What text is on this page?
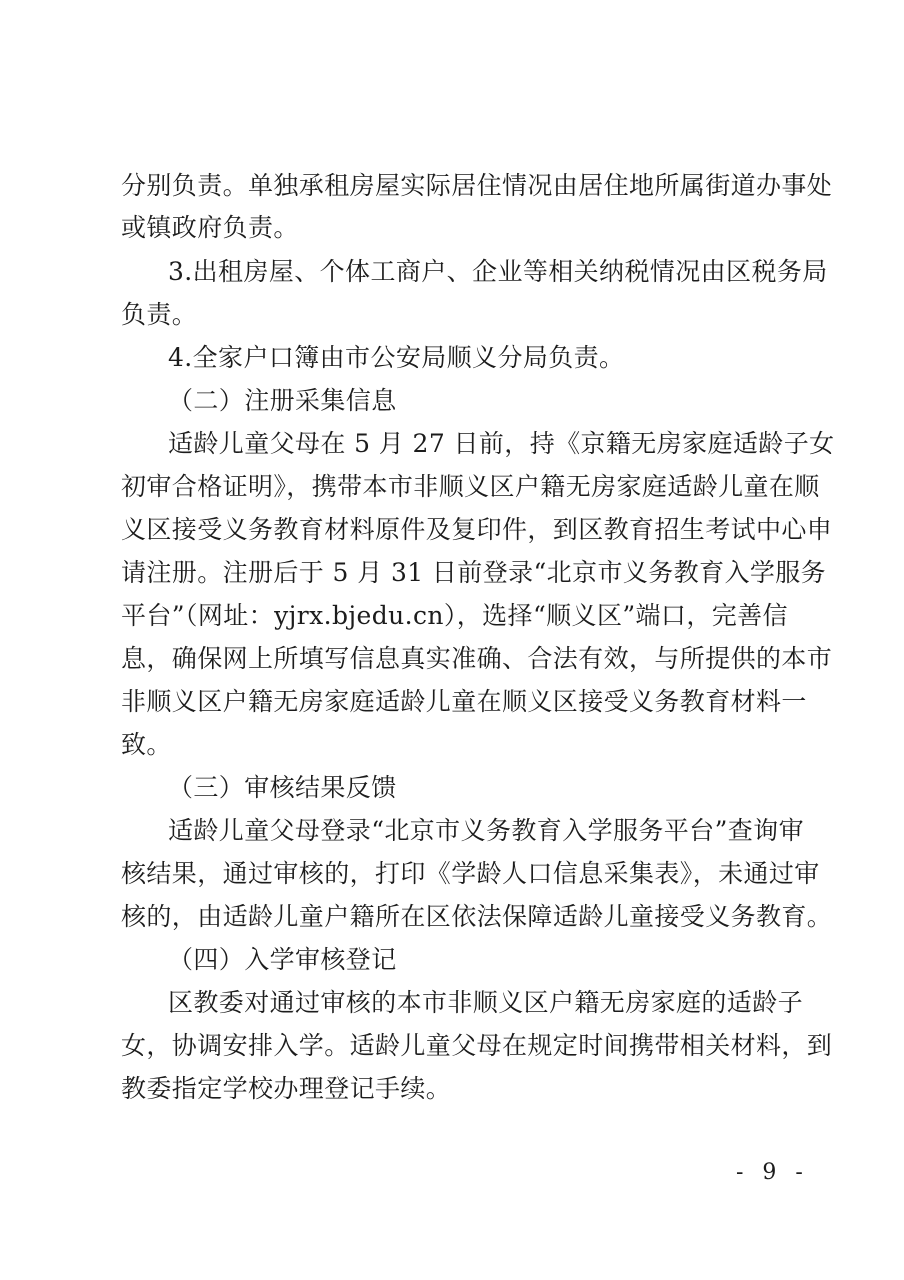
分别负责。单独承租房屋实际居住情况由居住地所属街道办事处
或镇政府负责。
3.出租房屋、个体工商户、企业等相关纳税情况由区税务局
负责。
4.全家户口簿由市公安局顺义分局负责。
（二）注册采集信息
适龄儿童父母在 5 月 27 日前，持《京籍无房家庭适龄子女
初审合格证明》，携带本市非顺义区户籍无房家庭适龄儿童在顺
义区接受义务教育材料原件及复印件，到区教育招生考试中心申
请注册。注册后于 5 月 31 日前登录“北京市义务教育入学服务
平台”（网址：yjrx.bjedu.cn），选择“顺义区”端口，完善信
息，确保网上所填写信息真实准确、合法有效，与所提供的本市
非顺义区户籍无房家庭适龄儿童在顺义区接受义务教育材料一
致。
（三）审核结果反馈
适龄儿童父母登录“北京市义务教育入学服务平台”查询审
核结果，通过审核的，打印《学龄人口信息采集表》，未通过审
核的，由适龄儿童户籍所在区依法保障适龄儿童接受义务教育。
（四）入学审核登记
区教委对通过审核的本市非顺义区户籍无房家庭的适龄子
女，协调安排入学。适龄儿童父母在规定时间携带相关材料，到
教委指定学校办理登记手续。
- 9 -
